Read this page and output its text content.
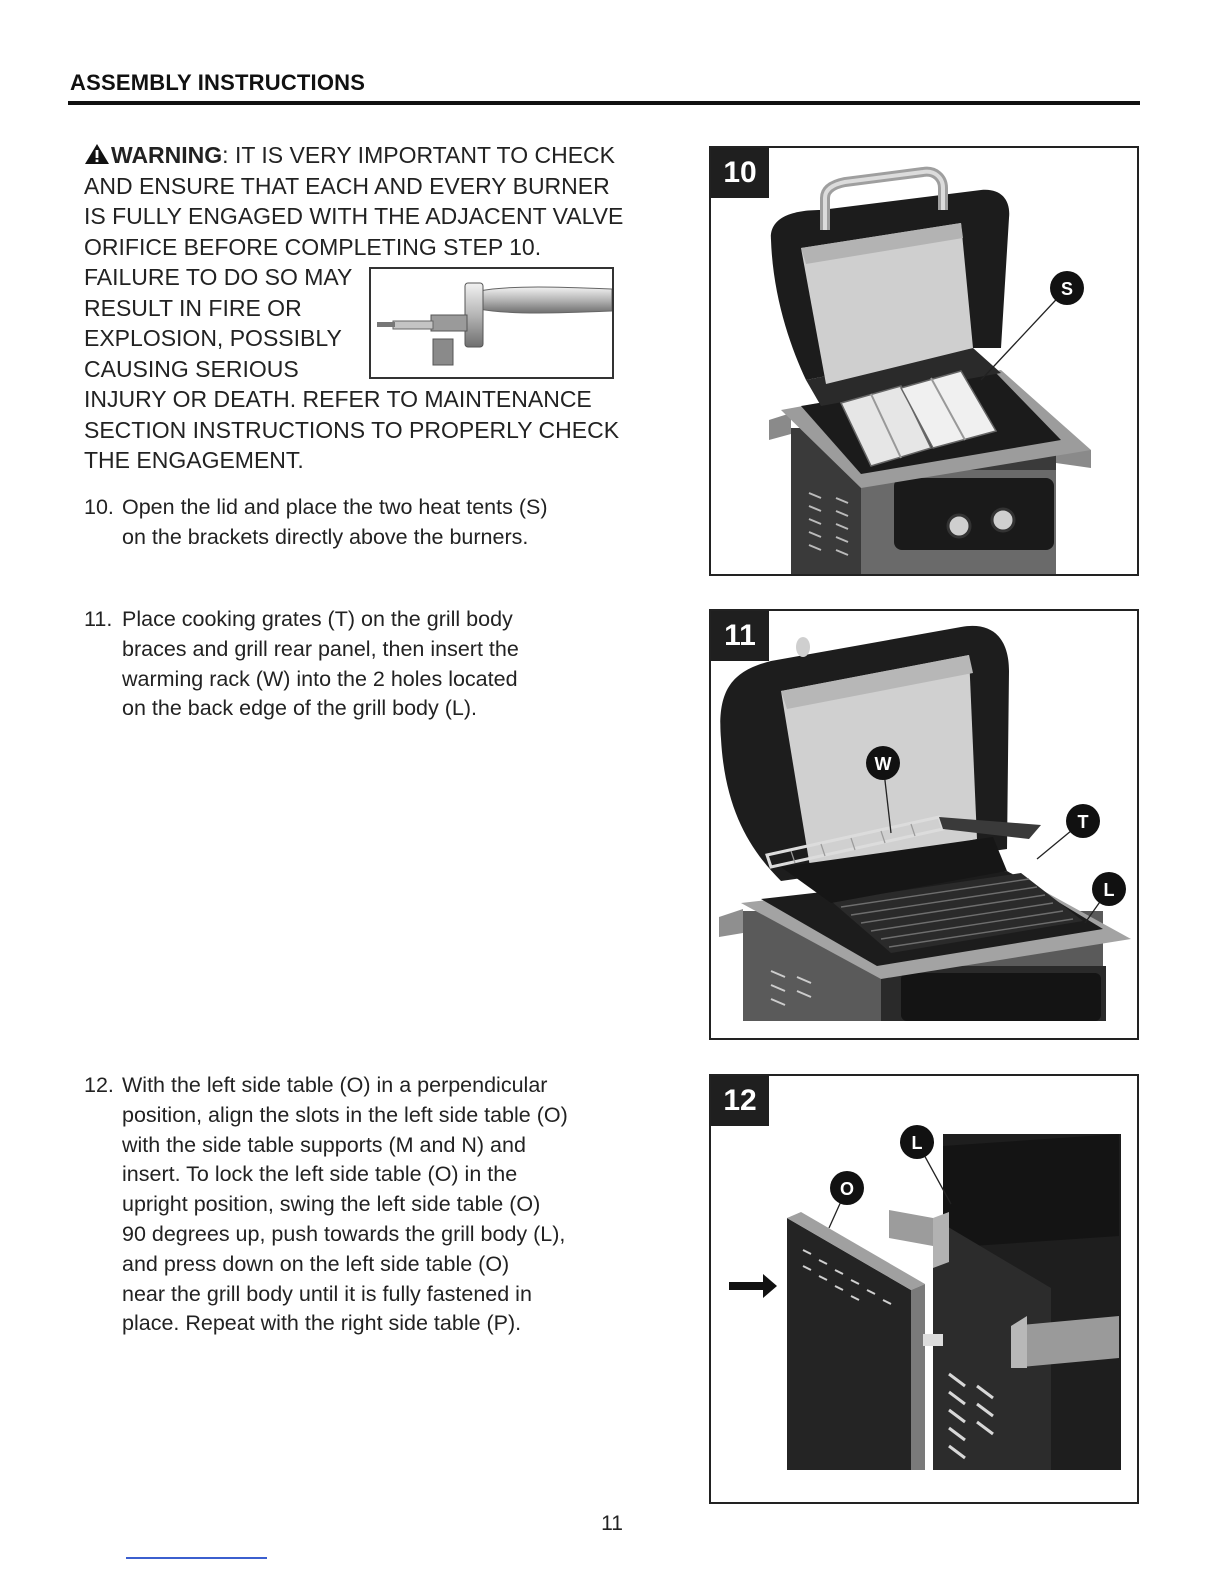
ASSEMBLY INSTRUCTIONS
WARNING: IT IS VERY IMPORTANT TO CHECK
AND ENSURE THAT EACH AND EVERY BURNER
IS FULLY ENGAGED WITH THE ADJACENT VALVE
ORIFICE BEFORE COMPLETING STEP 10.
FAILURE TO DO SO MAY
RESULT IN FIRE OR
EXPLOSION, POSSIBLY
CAUSING SERIOUS
INJURY OR DEATH. REFER TO MAINTENANCE
SECTION INSTRUCTIONS TO PROPERLY CHECK
THE ENGAGEMENT.
10. Open the lid and place the two heat tents (S)
on the brackets directly above the burners.
11. Place cooking grates (T) on the grill body
braces and grill rear panel, then insert the
warming rack (W) into the 2 holes located
on the back edge of the grill body (L).
12. With the left side table (O) in a perpendicular
position, align the slots in the left side table (O)
with the side table supports (M and N) and
insert. To lock the left side table (O) in the
upright position, swing the left side table (O)
90 degrees up, push towards the grill body (L),
and press down on the left side table (O)
near the grill body until it is fully fastened in
place. Repeat with the right side table (P).
10
S
11
W
T
L
12
L
O
11
